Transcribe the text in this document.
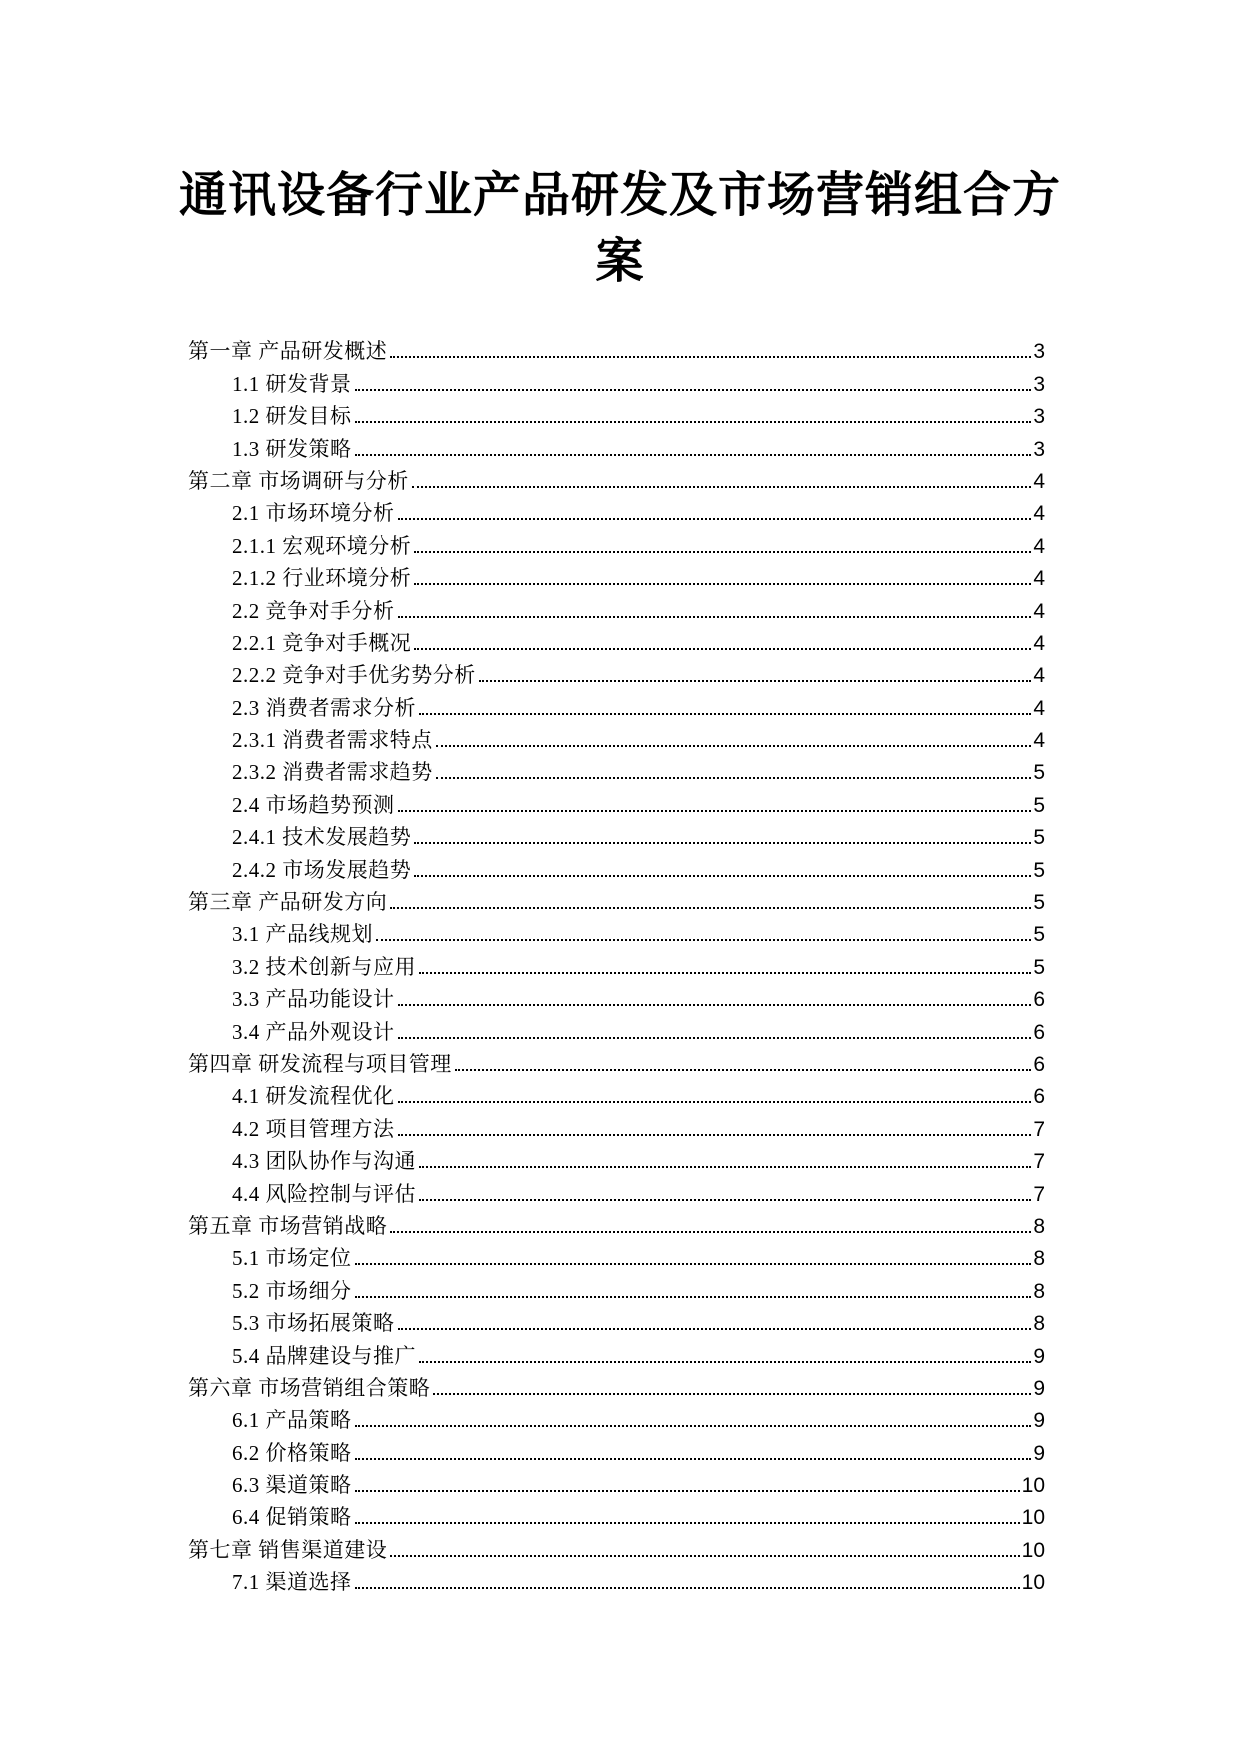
通讯设备行业产品研发及市场营销组合方案
第一章 产品研发概述	3
1.1 研发背景	3
1.2 研发目标	3
1.3 研发策略	3
第二章 市场调研与分析	4
2.1 市场环境分析	4
2.1.1 宏观环境分析	4
2.1.2 行业环境分析	4
2.2 竞争对手分析	4
2.2.1 竞争对手概况	4
2.2.2 竞争对手优劣势分析	4
2.3 消费者需求分析	4
2.3.1 消费者需求特点	4
2.3.2 消费者需求趋势	5
2.4 市场趋势预测	5
2.4.1 技术发展趋势	5
2.4.2 市场发展趋势	5
第三章 产品研发方向	5
3.1 产品线规划	5
3.2 技术创新与应用	5
3.3 产品功能设计	6
3.4 产品外观设计	6
第四章 研发流程与项目管理	6
4.1 研发流程优化	6
4.2 项目管理方法	7
4.3 团队协作与沟通	7
4.4 风险控制与评估	7
第五章 市场营销战略	8
5.1 市场定位	8
5.2 市场细分	8
5.3 市场拓展策略	8
5.4 品牌建设与推广	9
第六章 市场营销组合策略	9
6.1 产品策略	9
6.2 价格策略	9
6.3 渠道策略	10
6.4 促销策略	10
第七章 销售渠道建设	10
7.1 渠道选择	10
